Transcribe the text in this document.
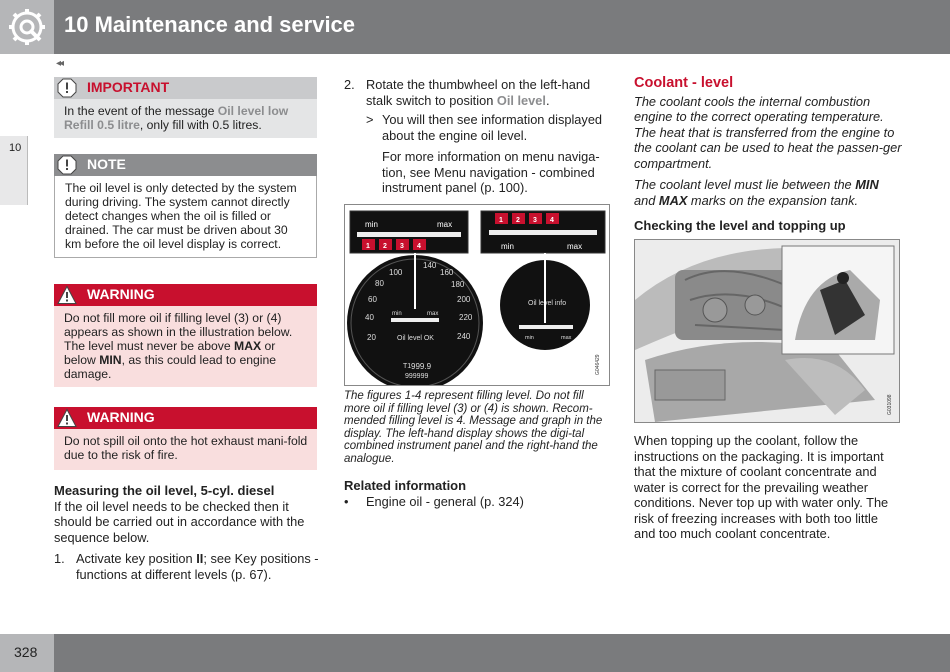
10 Maintenance and service
◂◂
10
IMPORTANT
In the event of the message Oil level low Refill 0.5 litre, only fill with 0.5 litres.
NOTE
The oil level is only detected by the system during driving. The system cannot directly detect changes when the oil is filled or drained. The car must be driven about 30 km before the oil level display is correct.
WARNING
Do not fill more oil if filling level (3) or (4) appears as shown in the illustration below. The level must never be above MAX or below MIN, as this could lead to engine damage.
WARNING
Do not spill oil onto the hot exhaust mani-fold due to the risk of fire.
Measuring the oil level, 5-cyl. diesel
If the oil level needs to be checked then it should be carried out in accordance with the sequence below.
1. Activate key position II; see Key positions - functions at different levels (p. 67).
2. Rotate the thumbwheel on the left-hand stalk switch to position Oil level.
> You will then see information displayed about the engine oil level.
For more information on menu naviga-tion, see Menu navigation - combined instrument panel (p. 100).
20
40
60
80
100
140
160
180
200
220
240
min	max
Oil level OK
T1 999.9
999999
Oil level info
min	max
min	max
1 2 3 4
1 2 3 4
min	max
G046429
The figures 1-4 represent filling level. Do not fill more oil if filling level (3) or (4) is shown. Recom-mended filling level is 4. Message and graph in the display. The left-hand display shows the digi-tal combined instrument panel and the right-hand the analogue.
Related information
•	Engine oil - general (p. 324)
Coolant - level
The coolant cools the internal combustion engine to the correct operating temperature. The heat that is transferred from the engine to the coolant can be used to heat the passen-ger compartment.
The coolant level must lie between the MIN and MAX marks on the expansion tank.
Checking the level and topping up
G031098
When topping up the coolant, follow the instructions on the packaging. It is important that the mixture of coolant concentrate and water is correct for the prevailing weather conditions. Never top up with water only. The risk of freezing increases with both too little and too much coolant concentrate.
328
